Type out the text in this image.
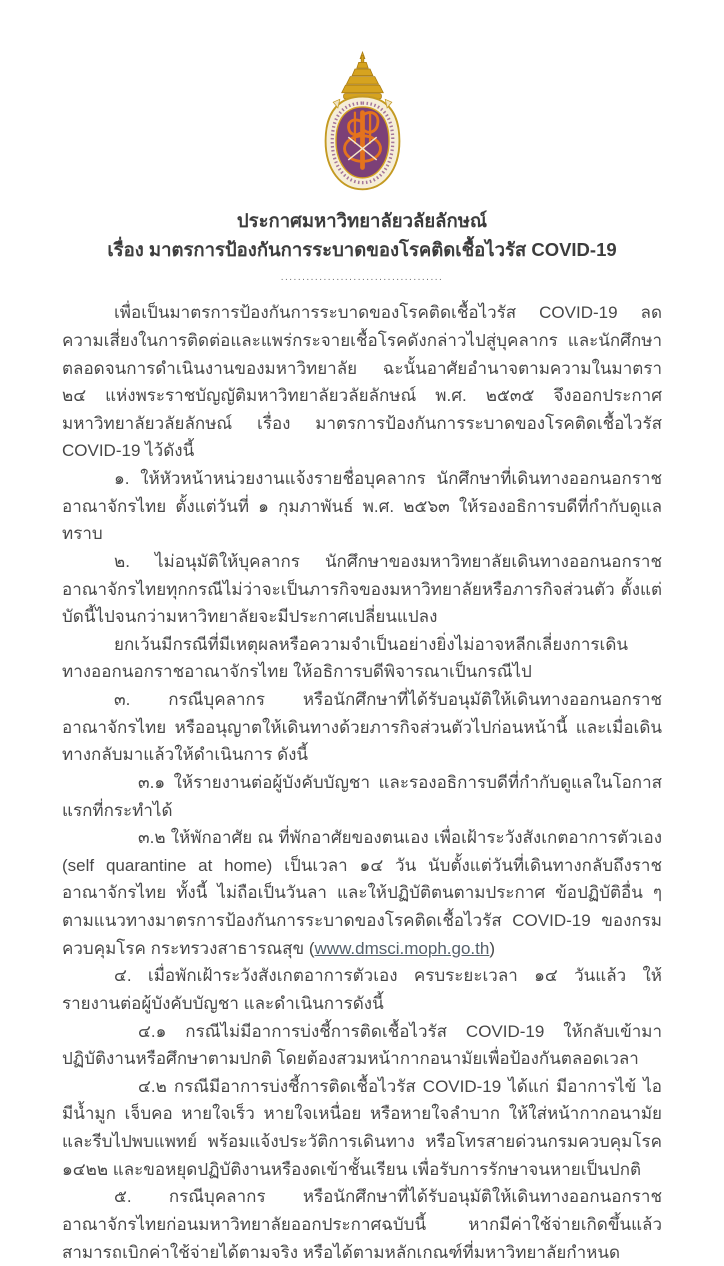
ประกาศมหาวิทยาลัยวลัยลักษณ์
เรื่อง มาตรการป้องกันการระบาดของโรคติดเชื้อไวรัส COVID-19
......................................

เพื่อเป็นมาตรการป้องกันการระบาดของโรคติดเชื้อไวรัส COVID-19 ลดความเสี่ยงในการติดต่อและแพร่กระจายเชื้อโรคดังกล่าวไปสู่บุคลากร และนักศึกษา ตลอดจนการดำเนินงานของมหาวิทยาลัย ฉะนั้นอาศัยอำนาจตามความในมาตรา ๒๔ แห่งพระราชบัญญัติมหาวิทยาลัยวลัยลักษณ์ พ.ศ. ๒๕๓๕ จึงออกประกาศมหาวิทยาลัยวลัยลักษณ์ เรื่อง มาตรการป้องกันการระบาดของโรคติดเชื้อไวรัส COVID-19 ไว้ดังนี้

๑. ให้หัวหน้าหน่วยงานแจ้งรายชื่อบุคลากร นักศึกษาที่เดินทางออกนอกราชอาณาจักรไทย ตั้งแต่วันที่ ๑ กุมภาพันธ์ พ.ศ. ๒๕๖๓ ให้รองอธิการบดีที่กำกับดูแลทราบ

๒. ไม่อนุมัติให้บุคลากร นักศึกษาของมหาวิทยาลัยเดินทางออกนอกราชอาณาจักรไทยทุกกรณีไม่ว่าจะเป็นภารกิจของมหาวิทยาลัยหรือภารกิจส่วนตัว ตั้งแต่บัดนี้ไปจนกว่ามหาวิทยาลัยจะมีประกาศเปลี่ยนแปลง

ยกเว้นมีกรณีที่มีเหตุผลหรือความจำเป็นอย่างยิ่งไม่อาจหลีกเลี่ยงการเดินทางออกนอกราชอาณาจักรไทย ให้อธิการบดีพิจารณาเป็นกรณีไป

๓. กรณีบุคลากร หรือนักศึกษาที่ได้รับอนุมัติให้เดินทางออกนอกราชอาณาจักรไทย หรืออนุญาตให้เดินทางด้วยภารกิจส่วนตัวไปก่อนหน้านี้ และเมื่อเดินทางกลับมาแล้วให้ดำเนินการ ดังนี้

๓.๑ ให้รายงานต่อผู้บังคับบัญชา และรองอธิการบดีที่กำกับดูแลในโอกาสแรกที่กระทำได้

๓.๒ ให้พักอาศัย ณ ที่พักอาศัยของตนเอง เพื่อเฝ้าระวังสังเกตอาการตัวเอง (self quarantine at home) เป็นเวลา ๑๔ วัน นับตั้งแต่วันที่เดินทางกลับถึงราชอาณาจักรไทย ทั้งนี้ ไม่ถือเป็นวันลา และให้ปฏิบัติตนตามประกาศ ข้อปฏิบัติอื่น ๆ ตามแนวทางมาตรการป้องกันการระบาดของโรคติดเชื้อไวรัส COVID-19 ของกรมควบคุมโรค กระทรวงสาธารณสุข (www.dmsci.moph.go.th)

๔. เมื่อพักเฝ้าระวังสังเกตอาการตัวเอง ครบระยะเวลา ๑๔ วันแล้ว ให้รายงานต่อผู้บังคับบัญชา และดำเนินการดังนี้

๔.๑ กรณีไม่มีอาการบ่งชี้การติดเชื้อไวรัส COVID-19 ให้กลับเข้ามาปฏิบัติงานหรือศึกษาตามปกติ โดยต้องสวมหน้ากากอนามัยเพื่อป้องกันตลอดเวลา

๔.๒ กรณีมีอาการบ่งชี้การติดเชื้อไวรัส COVID-19 ได้แก่ มีอาการไข้ ไอ มีน้ำมูก เจ็บคอ หายใจเร็ว หายใจเหนื่อย หรือหายใจลำบาก ให้ใส่หน้ากากอนามัย และรีบไปพบแพทย์ พร้อมแจ้งประวัติการเดินทาง หรือโทรสายด่วนกรมควบคุมโรค ๑๔๒๒ และขอหยุดปฏิบัติงานหรืองดเข้าชั้นเรียน เพื่อรับการรักษาจนหายเป็นปกติ

๕. กรณีบุคลากร หรือนักศึกษาที่ได้รับอนุมัติให้เดินทางออกนอกราชอาณาจักรไทยก่อนมหาวิทยาลัยออกประกาศฉบับนี้ หากมีค่าใช้จ่ายเกิดขึ้นแล้ว สามารถเบิกค่าใช้จ่ายได้ตามจริง หรือได้ตามหลักเกณฑ์ที่มหาวิทยาลัยกำหนด
